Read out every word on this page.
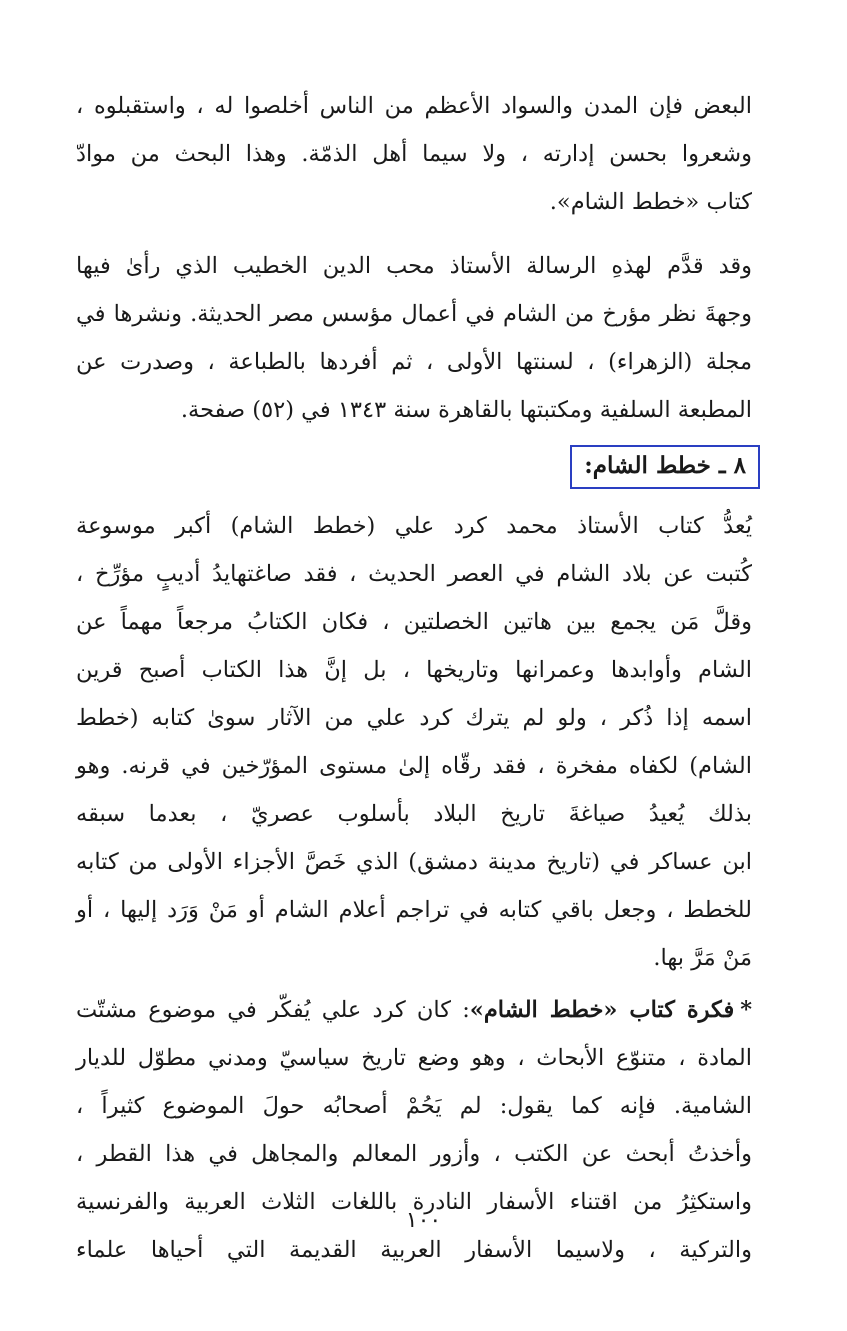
البعض فإن المدن والسواد الأعظم من الناس أخلصوا له ، واستقبلوه ،
وشعروا بحسن إدارته ، ولا سيما أهل الذمّة. وهذا البحث من موادّ
كتاب «خطط الشام».
وقد قدَّم لهذهِ الرسالة الأستاذ محب الدين الخطيب الذي رأىٰ فيها
وجهةَ نظر مؤرخ من الشام في أعمال مؤسس مصر الحديثة. ونشرها في
مجلة (الزهراء) ، لسنتها الأولى ، ثم أفردها بالطباعة ، وصدرت عن
المطبعة السلفية ومكتبتها بالقاهرة سنة ١٣٤٣ في (٥٢) صفحة.
٨ ـ خطط الشام:
يُعدُّ كتاب الأستاذ محمد كرد علي (خطط الشام) أكبر موسوعة
كُتبت عن بلاد الشام في العصر الحديث ، فقد صاغتهايدُ أديبٍ مؤرِّخ ،
وقلَّ مَن يجمع بين هاتين الخصلتين ، فكان الكتابُ مرجعاً مهماً عن
الشام وأوابدها وعمرانها وتاريخها ، بل إنَّ هذا الكتاب أصبح قرين
اسمه إذا ذُكر ، ولو لم يترك كرد علي من الآثار سوىٰ كتابه (خطط
الشام) لكفاه مفخرة ، فقد رقّاه إلىٰ مستوى المؤرّخين في قرنه. وهو
بذلك يُعيدُ صياغةَ تاريخ البلاد بأسلوب عصريّ ، بعدما سبقه
ابن عساكر في (تاريخ مدينة دمشق) الذي خَصَّ الأجزاء الأولى من كتابه
للخطط ، وجعل باقي كتابه في تراجم أعلام الشام أو مَنْ وَرَد إليها ، أو
مَنْ مَرَّ بها.
*فكرة كتاب «خطط الشام»: كان كرد علي يُفكّر في موضوع مشتّت
المادة ، متنوّع الأبحاث ، وهو وضع تاريخ سياسيّ ومدني مطوّل للديار
الشامية. فإنه كما يقول: لم يَحُمْ أصحابُه حولَ الموضوع كثيراً ،
وأخذتُ أبحث عن الكتب ، وأزور المعالم والمجاهل في هذا القطر ،
واستكثِرُ من اقتناء الأسفار النادرة باللغات الثلاث العربية والفرنسية
والتركية ، ولاسيما الأسفار العربية القديمة التي أحياها علماء
١٠٠
